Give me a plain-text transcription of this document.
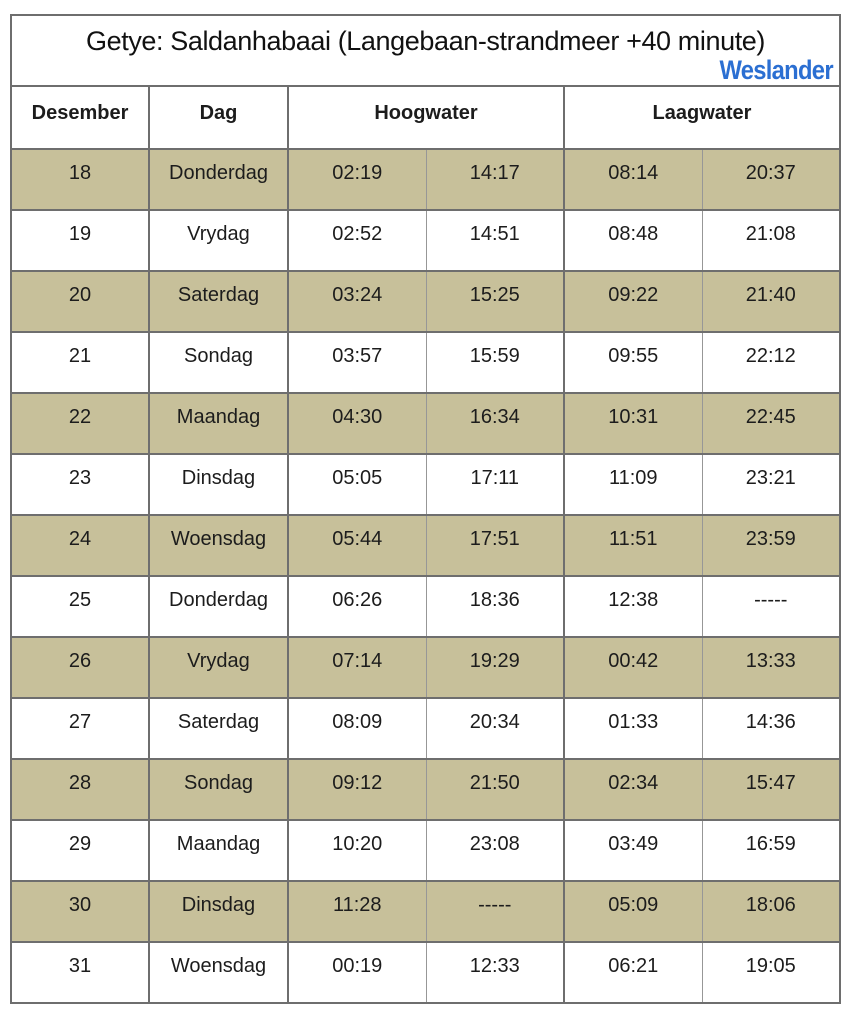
Getye: Saldanhabaai (Langebaan-strandmeer +40 minute)
Weslander					

Desember	Dag	Hoogwater		Laagwater	
18	Donderdag	02:19	14:17	08:14	20:37
19	Vrydag	02:52	14:51	08:48	21:08
20	Saterdag	03:24	15:25	09:22	21:40
21	Sondag	03:57	15:59	09:55	22:12
22	Maandag	04:30	16:34	10:31	22:45
23	Dinsdag	05:05	17:11	11:09	23:21
24	Woensdag	05:44	17:51	11:51	23:59
25	Donderdag	06:26	18:36	12:38	-----
26	Vrydag	07:14	19:29	00:42	13:33
27	Saterdag	08:09	20:34	01:33	14:36
28	Sondag	09:12	21:50	02:34	15:47
29	Maandag	10:20	23:08	03:49	16:59
30	Dinsdag	11:28	-----	05:09	18:06
31	Woensdag	00:19	12:33	06:21	19:05
